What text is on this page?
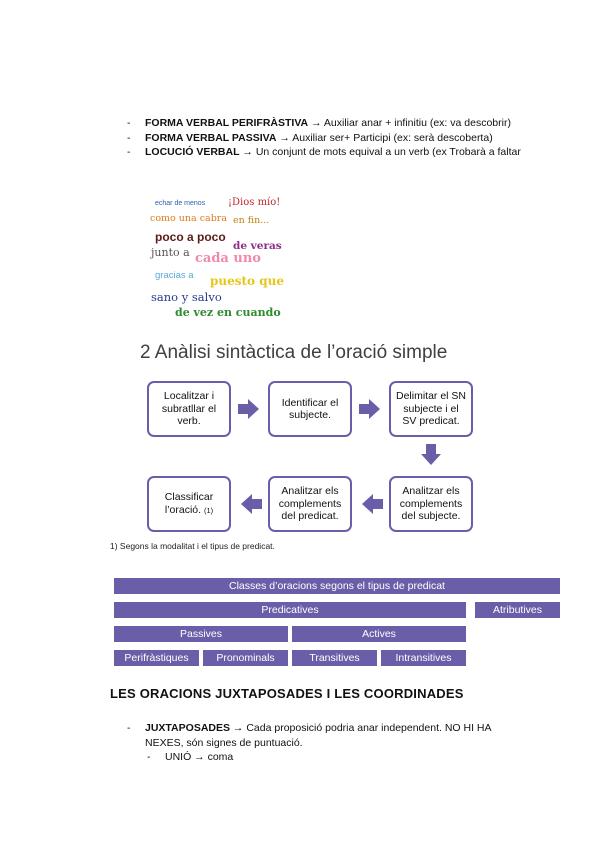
- FORMA VERBAL PERIFRÀSTIVA → Auxiliar anar + infinitiu (ex: va descobrir)
- FORMA VERBAL PASSIVA → Auxiliar ser+ Participi (ex: serà descoberta)
- LOCUCIÓ VERBAL → Un conjunt de mots equival a un verb (ex Trobarà a faltar
echar de menos ¡Dios mío!
como una cabra en fin...
poco a poco
de veras
junto a cada uno
gracias a puesto que
sano y salvo
de vez en cuando
2 Anàlisi sintàctica de l’oració simple
Localitzar i subratllar el verb.
Identificar el subjecte.
Delimitar el SN subjecte i el SV predicat.
Analitzar els complements del subjecte.
Analitzar els complements del predicat.
Classificar l’oració. (1)
1) Segons la modalitat i el tipus de predicat.
Classes d’oracions segons el tipus de predicat
Predicatives	Atributives
Passives	Actives
Perifràstiques	Pronominals	Transitives	Intransitives
LES ORACIONS JUXTAPOSADES I LES COORDINADES
- JUXTAPOSADES → Cada proposició podria anar independent. NO HI HA NEXES, són signes de puntuació.
- UNIÓ → coma
